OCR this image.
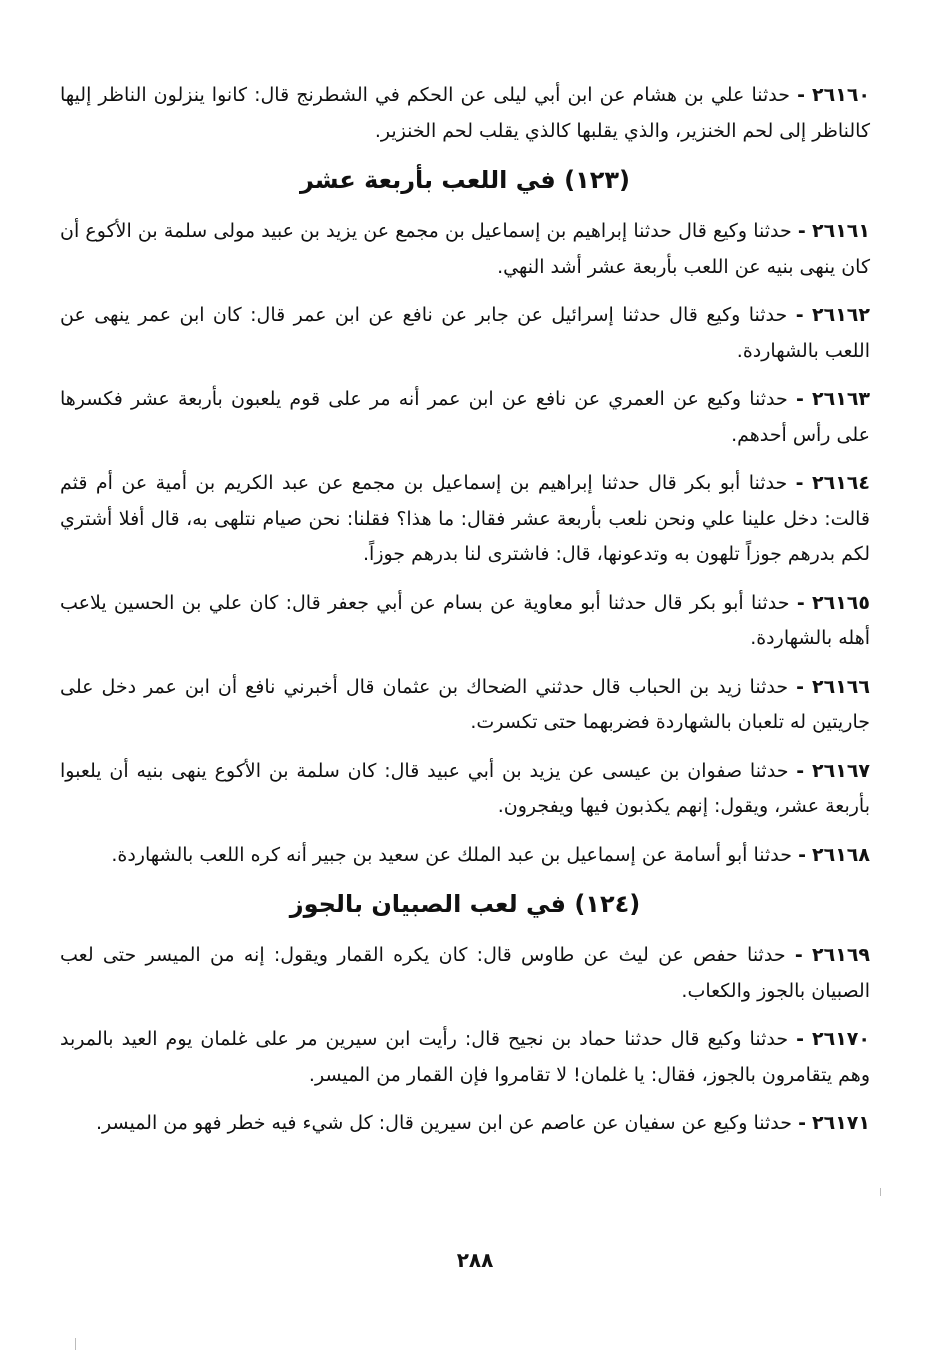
٢٦١٦٠ - حدثنا علي بن هشام عن ابن أبي ليلى عن الحكم في الشطرنج قال: كانوا ينزلون الناظر إليها كالناظر إلى لحم الخنزير، والذي يقلبها كالذي يقلب لحم الخنزير.

(١٢٣) في اللعب بأربعة عشر

٢٦١٦١ - حدثنا وكيع قال حدثنا إبراهيم بن إسماعيل بن مجمع عن يزيد بن عبيد مولى سلمة بن الأكوع أن كان ينهى بنيه عن اللعب بأربعة عشر أشد النهي.

٢٦١٦٢ - حدثنا وكيع قال حدثنا إسرائيل عن جابر عن نافع عن ابن عمر قال: كان ابن عمر ينهى عن اللعب بالشهاردة.

٢٦١٦٣ - حدثنا وكيع عن العمري عن نافع عن ابن عمر أنه مر على قوم يلعبون بأربعة عشر فكسرها على رأس أحدهم.

٢٦١٦٤ - حدثنا أبو بكر قال حدثنا إبراهيم بن إسماعيل بن مجمع عن عبد الكريم بن أمية عن أم قثم قالت: دخل علينا علي ونحن نلعب بأربعة عشر فقال: ما هذا؟ فقلنا: نحن صيام نتلهى به، قال أفلا أشتري لكم بدرهم جوزاً تلهون به وتدعونها، قال: فاشترى لنا بدرهم جوزاً.

٢٦١٦٥ - حدثنا أبو بكر قال حدثنا أبو معاوية عن بسام عن أبي جعفر قال: كان علي بن الحسين يلاعب أهله بالشهاردة.

٢٦١٦٦ - حدثنا زيد بن الحباب قال حدثني الضحاك بن عثمان قال أخبرني نافع أن ابن عمر دخل على جاريتين له تلعبان بالشهاردة فضربهما حتى تكسرت.

٢٦١٦٧ - حدثنا صفوان بن عيسى عن يزيد بن أبي عبيد قال: كان سلمة بن الأكوع ينهى بنيه أن يلعبوا بأربعة عشر، ويقول: إنهم يكذبون فيها ويفجرون.

٢٦١٦٨ - حدثنا أبو أسامة عن إسماعيل بن عبد الملك عن سعيد بن جبير أنه كره اللعب بالشهاردة.

(١٢٤) في لعب الصبيان بالجوز

٢٦١٦٩ - حدثنا حفص عن ليث عن طاوس قال: كان يكره القمار ويقول: إنه من الميسر حتى لعب الصبيان بالجوز والكعاب.

٢٦١٧٠ - حدثنا وكيع قال حدثنا حماد بن نجيح قال: رأيت ابن سيرين مر على غلمان يوم العيد بالمربد وهم يتقامرون بالجوز، فقال: يا غلمان! لا تقامروا فإن القمار من الميسر.

٢٦١٧١ - حدثنا وكيع عن سفيان عن عاصم عن ابن سيرين قال: كل شيء فيه خطر فهو من الميسر.

٢٨٨
